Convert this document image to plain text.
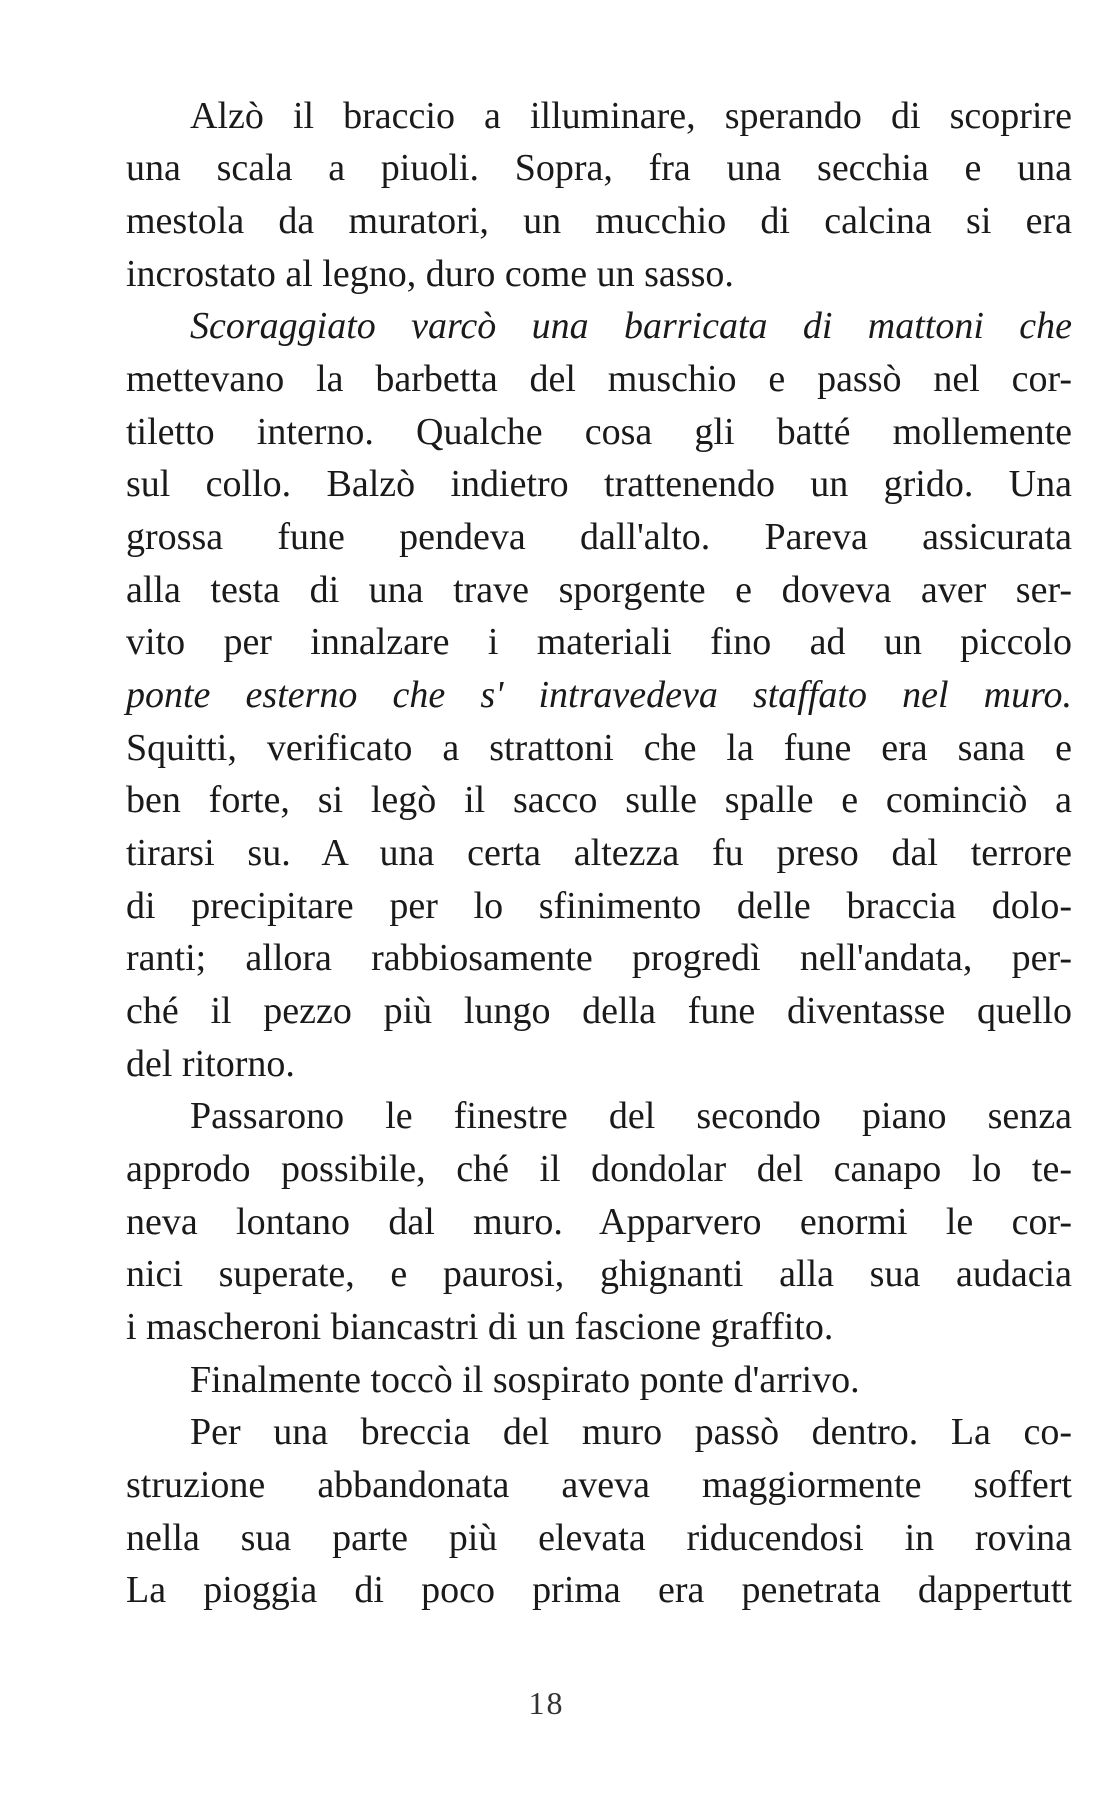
Alzò il braccio a illuminare, sperando di scoprire
una scala a piuoli. Sopra, fra una secchia e una
mestola da muratori, un mucchio di calcina si era
incrostato al legno, duro come un sasso.
Scoraggiato varcò una barricata di mattoni che
mettevano la barbetta del muschio e passò nel cor-
tiletto interno. Qualche cosa gli batté mollemente
sul collo. Balzò indietro trattenendo un grido. Una
grossa fune pendeva dall'alto. Pareva assicurata
alla testa di una trave sporgente e doveva aver ser-
vito per innalzare i materiali fino ad un piccolo
ponte esterno che s' intravedeva staffato nel muro.
Squitti, verificato a strattoni che la fune era sana e
ben forte, si legò il sacco sulle spalle e cominciò a
tirarsi su. A una certa altezza fu preso dal terrore
di precipitare per lo sfinimento delle braccia dolo-
ranti; allora rabbiosamente progredì nell'andata, per-
ché il pezzo più lungo della fune diventasse quello
del ritorno.
Passarono le finestre del secondo piano senza
approdo possibile, ché il dondolar del canapo lo te-
neva lontano dal muro. Apparvero enormi le cor-
nici superate, e paurosi, ghignanti alla sua audacia
i mascheroni biancastri di un fascione graffito.
Finalmente toccò il sospirato ponte d'arrivo.
Per una breccia del muro passò dentro. La co-
struzione abbandonata aveva maggiormente soffert
nella sua parte più elevata riducendosi in rovina
La pioggia di poco prima era penetrata dappertutt
18
